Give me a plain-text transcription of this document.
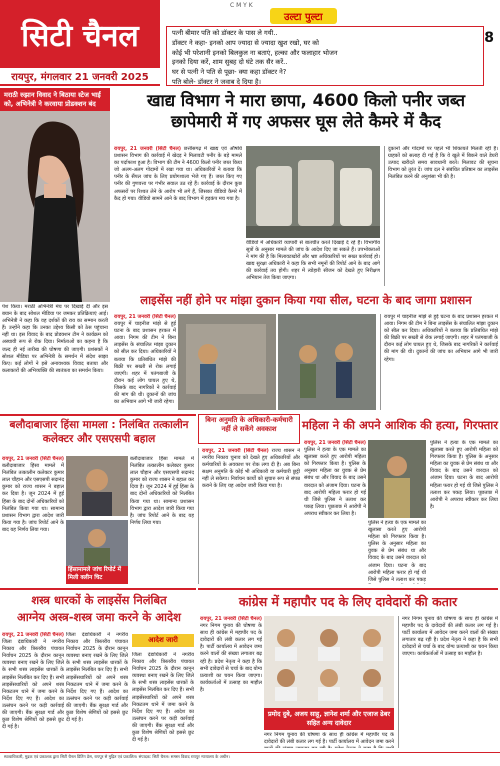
सिटी चैनल
रायपुर, मंगलवार 21 जनवरी 2025
C M Y K
8
उल्टा पुल्टा

पत्नी बीमार पति को डॉक्टर के पास ले गयी..

डॉक्टर ने कहा- इनको आप ज्यादा से ज्यादा खुश रखो, घर को

कोई भी परेशानी इनको बिलकुल ना बताएं, हल्का और फलाहार भोजन

इनको दिया करें, शाम सुबह दो घंटे तक सैर करें..

घर से पत्नी ने पति से पूछा- क्या कहा डॉक्टर ने?

पति बोले- डॉक्टर ने जवाब दे दिया है।

मराठी रुझान विवाद ने बिठाया स्टेज भाई को, अभिनेत्री ने करवाया प्रोडक्शन बंद
पेश किया। मराठी अभिनेत्री मंच पर दिखाई दी और इस बयान के बाद सोशल मीडिया पर जमकर प्रतिक्रियाएं आई। अभिनेत्री ने कहा कि वह दर्शकों की राय का सम्मान करती हैं। उन्होंने कहा कि उनका उद्देश्य किसी को ठेस पहुंचाना नहीं था। इस विवाद के बाद प्रोडक्शन टीम ने कार्यक्रम को अस्थायी रूप से रोक दिया। निर्माताओं का कहना है कि जल्द ही नई तारीख की घोषणा की जाएगी। प्रशंसकों ने सोशल मीडिया पर अभिनेत्री के समर्थन में संदेश साझा किए। कई लोगों ने इसे अनावश्यक विवाद बताया और कलाकारों की अभिव्यक्ति की स्वतंत्रता का समर्थन किया।
खाद्य विभाग ने मारा छापा, 4600 किलो पनीर जब्त
छापेमारी में गए अफसर घूस लेते कैमरे में कैद
रायपुर, 21 जनवरी (सिटी चैनल) छत्तीसगढ़ में खाद्य एवं औषधि प्रशासन विभाग की कार्रवाई में खेदड़ ने मिलावटी पनीर के बड़े मामले का पर्दाफाश हुआ है। विभाग की टीम ने 4600 किलो पनीर जब्त किया जो अलग-अलग गोदामों में रखा गया था। अधिकारियों ने बताया कि पनीर के सैंपल जांच के लिए प्रयोगशाला भेजे गए हैं। जब्त किए गए पनीर की गुणवत्ता पर गंभीर सवाल उठ रहे हैं। कार्रवाई के दौरान कुछ अफसरों पर रिश्वत लेने के आरोप भी लगे हैं, जिसका वीडियो कैमरे में कैद हो गया। वीडियो सामने आने के बाद विभाग में हड़कंप मच गया है।
वीडियो में अधिकारी व्यापारी से बातचीत करते दिखाई दे रहे हैं। विभागीय सूत्रों के अनुसार मामले की जांच के आदेश दिए जा सकते हैं। उपभोक्ताओं ने मांग की है कि मिलावटखोरों और भ्रष्ट अधिकारियों पर सख्त कार्रवाई हो। खाद्य सुरक्षा अधिकारी ने कहा कि सभी नमूनों की रिपोर्ट आने के बाद आगे की कार्रवाई तय होगी। शहर में त्योहारी सीजन को देखते हुए निरीक्षण अभियान तेज किया जाएगा।
दुकानों और गोदामों पर पहले भी शिकायतें मिलती रही हैं। ग्राहकों को सलाह दी गई है कि वे खुले में बिकने वाले डेयरी उत्पाद खरीदते समय सावधानी बरतें। मिलावट की सूचना विभाग को तुरंत दें। जांच दल ने संबंधित प्रतिष्ठान का लाइसेंस निलंबित करने की अनुशंसा भी की है।
लाइसेंस नहीं होने पर मांझा दुकान किया गया सील, घटना के बाद जागा प्रशासन
रायपुर, 21 जनवरी (सिटी चैनल) रायपुर में चाइनीज मांझे से हुई घटना के बाद प्रशासन हरकत में आया। निगम की टीम ने बिना लाइसेंस के संचालित मांझा दुकान को सील कर दिया। अधिकारियों ने बताया कि प्रतिबंधित मांझे की बिक्री पर सख्ती से रोक लगाई जाएगी। शहर में पतंगबाजी के दौरान कई लोग घायल हुए थे, जिसके बाद नागरिकों ने कार्रवाई की मांग की थी। दुकानों की जांच का अभियान आगे भी जारी रहेगा।
रायपुर में चाइनीज मांझे से हुई घटना के बाद प्रशासन हरकत में आया। निगम की टीम ने बिना लाइसेंस के संचालित मांझा दुकान को सील कर दिया। अधिकारियों ने बताया कि प्रतिबंधित मांझे की बिक्री पर सख्ती से रोक लगाई जाएगी। शहर में पतंगबाजी के दौरान कई लोग घायल हुए थे, जिसके बाद नागरिकों ने कार्रवाई की मांग की थी। दुकानों की जांच का अभियान आगे भी जारी रहेगा।
बलौदाबाजार हिंसा मामला : निलंबित तत्कालीन कलेक्टर और एसएसपी बहाल
रायपुर, 21 जनवरी (सिटी चैनल) बलौदाबाजार हिंसा मामले में निलंबित तत्कालीन कलेक्टर कुमार लाल चौहान और एसएसपी सदानंद कुमार को राज्य शासन ने बहाल कर दिया है। जून 2024 में हुई हिंसा के बाद दोनों अधिकारियों को निलंबित किया गया था। सामान्य प्रशासन विभाग द्वारा आदेश जारी किया गया है। जांच रिपोर्ट आने के बाद यह निर्णय लिया गया।
हिंसामामले जांच रिपोर्ट में मिली क्लीन चिट
बलौदाबाजार हिंसा मामले में निलंबित तत्कालीन कलेक्टर कुमार लाल चौहान और एसएसपी सदानंद कुमार को राज्य शासन ने बहाल कर दिया है। जून 2024 में हुई हिंसा के बाद दोनों अधिकारियों को निलंबित किया गया था। सामान्य प्रशासन विभाग द्वारा आदेश जारी किया गया है। जांच रिपोर्ट आने के बाद यह निर्णय लिया गया।
बिना अनुमति के अधिकारी-कर्मचारी नहीं ले सकेंगे अवकाश
रायपुर, 21 जनवरी (सिटी चैनल) राज्य शासन ने नगरीय निकाय चुनाव को देखते हुए अधिकारियों और कर्मचारियों के अवकाश पर रोक लगा दी है। अब बिना सक्षम अनुमति के कोई भी अधिकारी या कर्मचारी छुट्टी नहीं ले सकेगा। निर्वाचन कार्यों को सुचारु रूप से संपन्न कराने के लिए यह आदेश जारी किया गया है।
महिला ने की अपने आशिक की हत्या, गिरफ्तार
रायपुर, 21 जनवरी (सिटी चैनल) पुलिस ने हत्या के एक मामले का खुलासा करते हुए आरोपी महिला को गिरफ्तार किया है। पुलिस के अनुसार महिला का युवक से प्रेम संबंध था और विवाद के बाद उसने वारदात को अंजाम दिया। घटना के बाद आरोपी महिला फरार हो गई थी जिसे पुलिस ने तलाश कर पकड़ लिया। पूछताछ में आरोपी ने अपराध स्वीकार कर लिया है।
पुलिस ने हत्या के एक मामले का खुलासा करते हुए आरोपी महिला को गिरफ्तार किया है। पुलिस के अनुसार महिला का युवक से प्रेम संबंध था और विवाद के बाद उसने वारदात को अंजाम दिया। घटना के बाद आरोपी महिला फरार हो गई थी जिसे पुलिस ने तलाश कर पकड़
पुलिस ने हत्या के एक मामले का खुलासा करते हुए आरोपी महिला को गिरफ्तार किया है। पुलिस के अनुसार महिला का युवक से प्रेम संबंध था और विवाद के बाद उसने वारदात को अंजाम दिया। घटना के बाद आरोपी महिला फरार हो गई थी जिसे पुलिस ने तलाश कर पकड़ लिया। पूछताछ में आरोपी ने अपराध स्वीकार कर लिया है।
शस्त्र धारकों के लाइसेंस निलंबित
आग्नेय अस्त्र-शस्त्र जमा करने के आदेश
रायपुर, 21 जनवरी (सिटी चैनल) जिला दंडाधिकारी ने नगरीय निकाय और त्रिस्तरीय पंचायत निर्वाचन 2025 के दौरान कानून व्यवस्था बनाए रखने के लिए जिले के सभी शस्त्र लाइसेंस धारकों के लाइसेंस निलंबित कर दिए हैं। सभी लाइसेंसधारियों को अपने शस्त्र निकटतम थाने में जमा करने के निर्देश दिए गए हैं। आदेश का उल्लंघन करने पर कड़ी कार्रवाई की जाएगी। बैंक सुरक्षा गार्ड और कुछ विशेष श्रेणियों को इससे छूट दी गई है।
जिला दंडाधिकारी ने नगरीय निकाय और त्रिस्तरीय पंचायत निर्वाचन 2025 के दौरान कानून व्यवस्था बनाए रखने के लिए जिले के सभी शस्त्र लाइसेंस धारकों के लाइसेंस निलंबित कर दिए हैं। सभी लाइसेंसधारियों को अपने शस्त्र निकटतम थाने में जमा करने के निर्देश दिए गए हैं। आदेश का उल्लंघन करने पर कड़ी कार्रवाई की जाएगी। बैंक सुरक्षा गार्ड और कुछ विशेष श्रेणियों को इससे छूट दी गई है।
आदेश जारी
जिला दंडाधिकारी ने नगरीय निकाय और त्रिस्तरीय पंचायत निर्वाचन 2025 के दौरान कानून व्यवस्था बनाए रखने के लिए जिले के सभी शस्त्र लाइसेंस धारकों के लाइसेंस निलंबित कर दिए हैं। सभी लाइसेंसधारियों को अपने शस्त्र निकटतम थाने में जमा करने के निर्देश दिए गए हैं। आदेश का उल्लंघन करने पर कड़ी कार्रवाई की जाएगी। बैंक सुरक्षा गार्ड और कुछ विशेष श्रेणियों को इससे छूट दी गई है।
कांग्रेस में महापौर पद के लिए दावेदारों की कतार
रायपुर, 21 जनवरी (सिटी चैनल) नगर निगम चुनाव की घोषणा के साथ ही कांग्रेस में महापौर पद के दावेदारों की लंबी कतार लग गई है। पार्टी कार्यालय में आवेदन जमा करने वालों की संख्या लगातार बढ़ रही है। प्रदेश नेतृत्व ने कहा है कि सभी दावेदारों से चर्चा के बाद योग्य प्रत्याशी का चयन किया जाएगा। कार्यकर्ताओं में उत्साह का माहौल है।
प्रमोद दुबे, अजय साहू, ज्ञानेश शर्मा और एजाज ढेबर सहित अन्य दावेदार
नगर निगम चुनाव की घोषणा के साथ ही कांग्रेस में महापौर पद के दावेदारों की लंबी कतार लग गई है। पार्टी कार्यालय में आवेदन जमा करने
नगर निगम चुनाव की घोषणा के साथ ही कांग्रेस में महापौर पद के दावेदारों की लंबी कतार लग गई है। पार्टी कार्यालय में आवेदन जमा करने वालों की संख्या लगातार बढ़ रही है। प्रदेश नेतृत्व ने कहा है कि सभी दावेदारों से चर्चा के बाद योग्य प्रत्याशी का चयन किया जाएगा। कार्यकर्ताओं में उत्साह का माहौल है।
स्वत्वाधिकारी, मुद्रक एवं प्रकाशक द्वारा सिटी चैनल प्रिंटिंग प्रेस, रायपुर से मुद्रित एवं प्रकाशित। संपादक: सिटी चैनल। समस्त विवाद रायपुर न्यायालय के अधीन।
